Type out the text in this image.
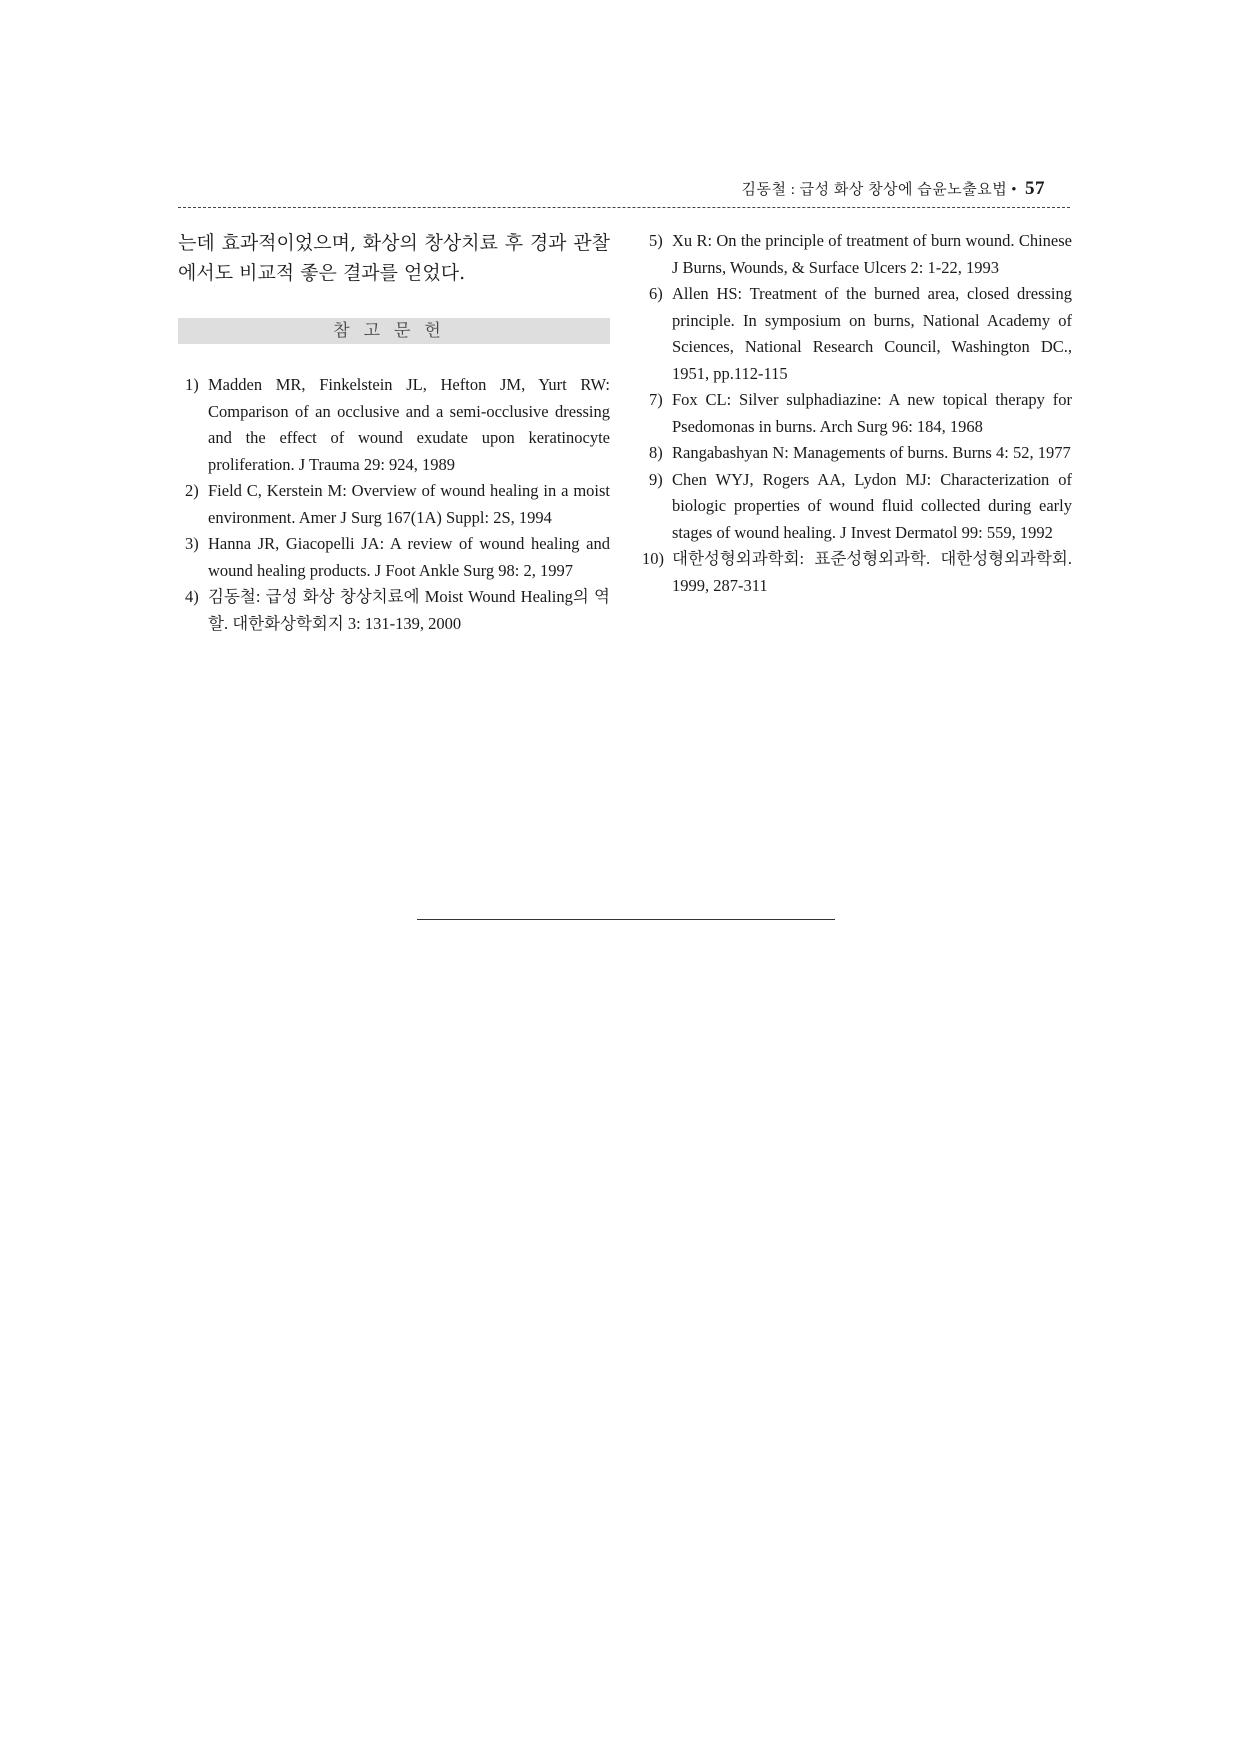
김동철 : 급성 화상 창상에 습윤노출요법 • 57

는데 효과적이었으며, 화상의 창상치료 후 경과 관찰에서도 비교적 좋은 결과를 얻었다.

참고문헌

1) Madden MR, Finkelstein JL, Hefton JM, Yurt RW: Comparison of an occlusive and a semi-occlusive dressing and the effect of wound exudate upon keratinocyte proliferation. J Trauma 29: 924, 1989

2) Field C, Kerstein M: Overview of wound healing in a moist environment. Amer J Surg 167(1A) Suppl: 2S, 1994

3) Hanna JR, Giacopelli JA: A review of wound healing and wound healing products. J Foot Ankle Surg 98: 2, 1997

4) 김동철: 급성 화상 창상치료에 Moist Wound Healing의 역할. 대한화상학회지 3: 131-139, 2000

5) Xu R: On the principle of treatment of burn wound. Chinese J Burns, Wounds, & Surface Ulcers 2: 1-22, 1993

6) Allen HS: Treatment of the burned area, closed dressing principle. In symposium on burns, National Academy of Sciences, National Research Council, Washington DC., 1951, pp.112-115

7) Fox CL: Silver sulphadiazine: A new topical therapy for Psedomonas in burns. Arch Surg 96: 184, 1968

8) Rangabashyan N: Managements of burns. Burns 4: 52, 1977

9) Chen WYJ, Rogers AA, Lydon MJ: Characterization of biologic properties of wound fluid collected during early stages of wound healing. J Invest Dermatol 99: 559, 1992

10) 대한성형외과학회: 표준성형외과학. 대한성형외과학회. 1999, 287-311
